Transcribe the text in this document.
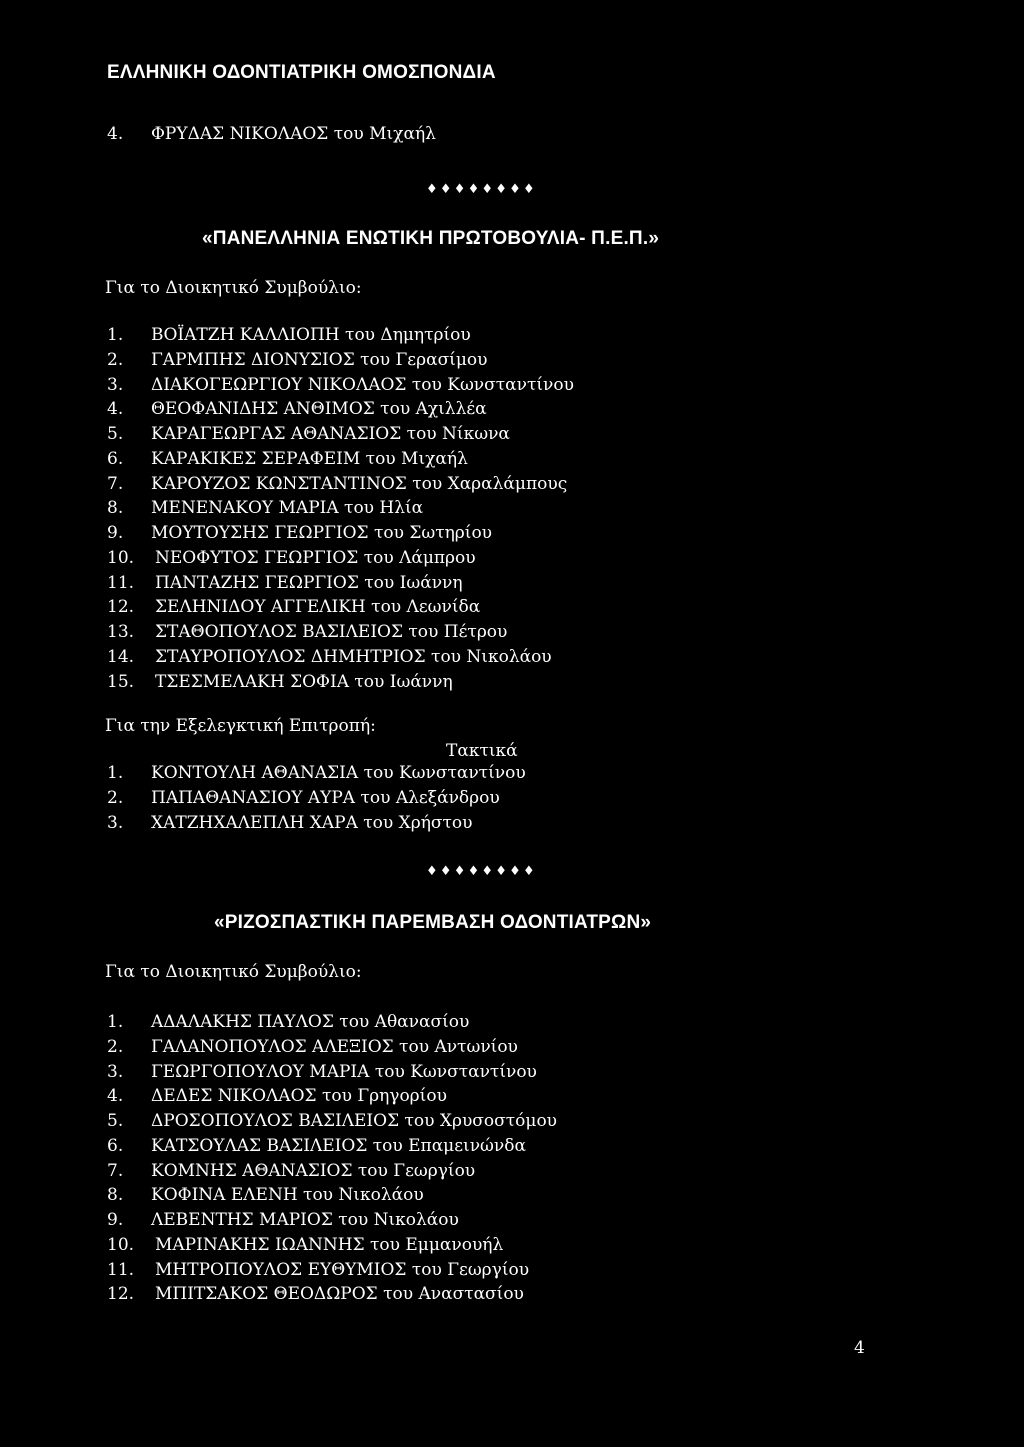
ΕΛΛΗΝΙΚΗ ΟΔΟΝΤΙΑΤΡΙΚΗ ΟΜΟΣΠΟΝΔΙΑ
4. ΦΡΥΔΑΣ ΝΙΚΟΛΑΟΣ του Μιχαήλ
♦♦♦♦♦♦♦♦
«ΠΑΝΕΛΛΗΝΙΑ ΕΝΩΤΙΚΗ ΠΡΩΤΟΒΟΥΛΙΑ- Π.Ε.Π.»
Για το Διοικητικό Συμβούλιο:
1. ΒΟΪΑΤΖΗ ΚΑΛΛΙΟΠΗ του Δημητρίου
2. ΓΑΡΜΠΗΣ ΔΙΟΝΥΣΙΟΣ του Γερασίμου
3. ΔΙΑΚΟΓΕΩΡΓΙΟΥ ΝΙΚΟΛΑΟΣ του Κωνσταντίνου
4. ΘΕΟΦΑΝΙΔΗΣ ΑΝΘΙΜΟΣ του Αχιλλέα
5. ΚΑΡΑΓΕΩΡΓΑΣ ΑΘΑΝΑΣΙΟΣ του Νίκωνα
6. ΚΑΡΑΚΙΚΕΣ ΣΕΡΑΦΕΙΜ του Μιχαήλ
7. ΚΑΡΟΥΖΟΣ ΚΩΝΣΤΑΝΤΙΝΟΣ του Χαραλάμπους
8. ΜΕΝΕΝΑΚΟΥ ΜΑΡΙΑ του Ηλία
9. ΜΟΥΤΟΥΣΗΣ ΓΕΩΡΓΙΟΣ του Σωτηρίου
10. ΝΕΟΦΥΤΟΣ ΓΕΩΡΓΙΟΣ του Λάμπρου
11. ΠΑΝΤΑΖΗΣ ΓΕΩΡΓΙΟΣ του Ιωάννη
12. ΣΕΛΗΝΙΔΟΥ ΑΓΓΕΛΙΚΗ του Λεωνίδα
13. ΣΤΑΘΟΠΟΥΛΟΣ ΒΑΣΙΛΕΙΟΣ του Πέτρου
14. ΣΤΑΥΡΟΠΟΥΛΟΣ ΔΗΜΗΤΡΙΟΣ του Νικολάου
15. ΤΣΕΣΜΕΛΑΚΗ ΣΟΦΙΑ του Ιωάννη
Για την Εξελεγκτική Επιτροπή:
Τακτικά
1. ΚΟΝΤΟΥΛΗ ΑΘΑΝΑΣΙΑ του Κωνσταντίνου
2. ΠΑΠΑΘΑΝΑΣΙΟΥ ΑΥΡΑ του Αλεξάνδρου
3. ΧΑΤΖΗΧΑΛΕΠΛΗ ΧΑΡΑ του Χρήστου
♦♦♦♦♦♦♦♦
«ΡΙΖΟΣΠΑΣΤΙΚΗ ΠΑΡΕΜΒΑΣΗ ΟΔΟΝΤΙΑΤΡΩΝ»
Για το Διοικητικό Συμβούλιο:
1. ΑΔΑΛΑΚΗΣ ΠΑΥΛΟΣ του Αθανασίου
2. ΓΑΛΑΝΟΠΟΥΛΟΣ ΑΛΕΞΙΟΣ του Αντωνίου
3. ΓΕΩΡΓΟΠΟΥΛΟΥ ΜΑΡΙΑ του Κωνσταντίνου
4. ΔΕΔΕΣ ΝΙΚΟΛΑΟΣ του Γρηγορίου
5. ΔΡΟΣΟΠΟΥΛΟΣ ΒΑΣΙΛΕΙΟΣ του Χρυσοστόμου
6. ΚΑΤΣΟΥΛΑΣ ΒΑΣΙΛΕΙΟΣ του Επαμεινώνδα
7. ΚΟΜΝΗΣ ΑΘΑΝΑΣΙΟΣ του Γεωργίου
8. ΚΟΦΙΝΑ ΕΛΕΝΗ του Νικολάου
9. ΛΕΒΕΝΤΗΣ ΜΑΡΙΟΣ του Νικολάου
10. ΜΑΡΙΝΑΚΗΣ ΙΩΑΝΝΗΣ του Εμμανουήλ
11. ΜΗΤΡΟΠΟΥΛΟΣ ΕΥΘΥΜΙΟΣ του Γεωργίου
12. ΜΠΙΤΣΑΚΟΣ ΘΕΟΔΩΡΟΣ του Αναστασίου
4
